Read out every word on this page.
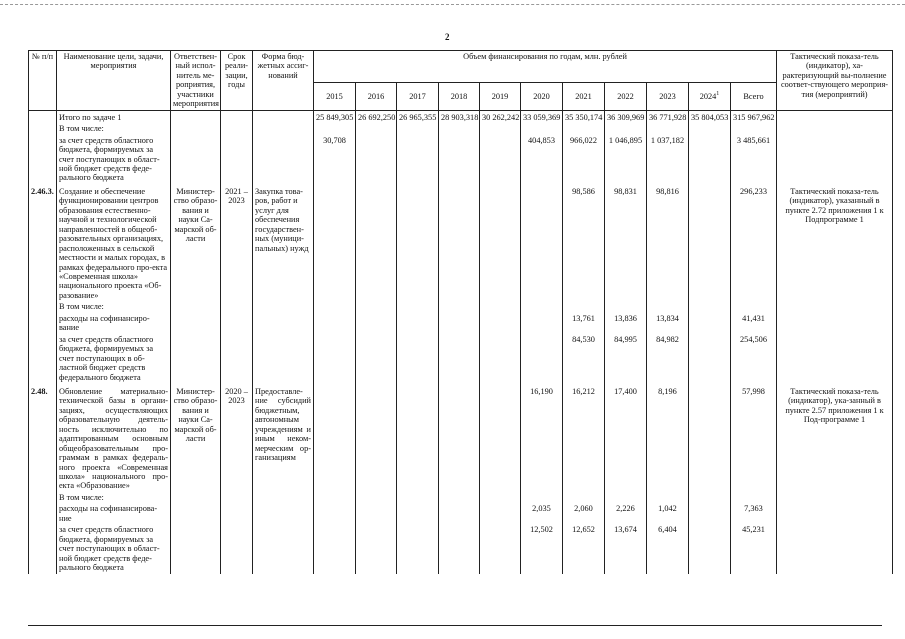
2
№ п/п	Наименование цели, задачи, мероприятия	Ответствен-ный испол-нитель ме-роприятия, участники мероприятия	Срок реали-зации, годы	Форма бюд-жетных ассиг-нований	Объем финансирования по годам, млн. рублей											Тактический показа-тель (индикатор), ха-рактеризующий вы-полнение соответ-ствующего мероприя-тия (мероприятий)
					2015	2016	2017	2018	2019	2020	2021	2022	2023	2024$^1$	Всего	
	Итого по задаче 1				25 849,305	26 692,250	26 965,355	28 903,318	30 262,242	33 059,369	35 350,174	36 309,969	36 771,928	35 804,053	315 967,962	
	В том числе:															
	за счет средств областного бюджета, формируемых за счет поступающих в област-ной бюджет средств феде-рального бюджета				30,708					404,853	966,022	1 046,895	1 037,182		3 485,661	
2.46.3.	Создание и обеспечение функционировании центров образования естественно-научной и технологической направленностей в общеоб-разовательных организациях, расположенных в сельской местности и малых городах, в рамках федерального про-екта «Современная школа» национального проекта «Об-разование»	Министер-ство образо-вания и науки Са-марской об-ласти	2021 – 2023	Закупка това-ров, работ и услуг для обеспечения государствен-ных (муници-пальных) нужд							98,586	98,831	98,816		296,233	Тактический показа-тель (индикатор), указанный в пункте 2.72 приложения 1 к Подпрограмме 1
	В том числе:															
	расходы на софинансиро-вание										13,761	13,836	13,834		41,431	
	за счет средств областного бюджета, формируемых за счет поступающих в об-ластной бюджет средств федерального бюджета										84,530	84,995	84,982		254,506	
2.48.	Обновление материально-технической базы в органи-зациях, осуществляющих образовательную деятель-ность исключительно по адаптированным основным общеобразовательным про-граммам в рамках федераль-ного проекта «Современная школа» национального про-екта «Образование»	Министер-ство образо-вания и науки Са-марской об-ласти	2020 – 2023	Предоставле-ние субсидий бюджетным, автономным учреждениям и иным неком-мерческим ор-ганизациям						16,190	16,212	17,400	8,196		57,998	Тактический показа-тель (индикатор), ука-занный в пункте 2.57 приложения 1 к Под-программе 1
	В том числе:															
	расходы на софинансирова-ние									2,035	2,060	2,226	1,042		7,363	
	за счет средств областного бюджета, формируемых за счет поступающих в област-ной бюджет средств феде-рального бюджета									12,502	12,652	13,674	6,404		45,231	
